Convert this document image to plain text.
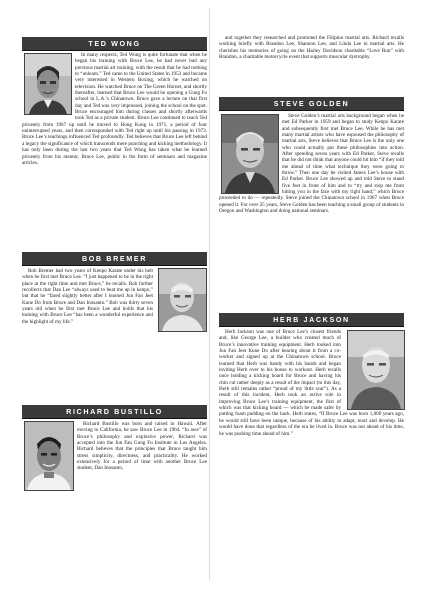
TED WONG

In many respects, Ted Wong is quite fortunate that when he began his training with Bruce Lee, he had never had any previous martial art training, with the result that he had nothing to “unlearn.” Ted came to the United States in 1953 and became very interested in Western Boxing, which he watched on television. He watched Bruce on The Green Hornet, and shortly thereafter, learned that Bruce Lee would be opening a Gung Fu school in L.A.’s Chinatown. Bruce gave a lecture on that first day and Ted was very impressed, joining the school on the spot. Bruce encouraged him during classes and shortly afterwards took Ted as a private student. Bruce Lee continued to teach Ted privately from 1967 up until he moved to Hong Kong in 1971, a period of four uninterrupted years, and then corresponded with Ted right up until his passing in 1973. Bruce Lee’s teachings influenced Ted profoundly. Ted believes that Bruce Lee left behind a legacy the significance of which transcends mere punching and kicking methodology. It has only been during the last two years that Ted Wong has taken what he learned privately from his mentor, Bruce Lee, public in the form of seminars and magazine articles.

BOB BREMER

Bob Bremer had two years of Kenpo Karate under his belt when he first met Bruce Lee. “I just happened to be in the right place at the right time and met Bruce,” he recalls. Bob further recollects that Dan Lee “always used to beat me up in kenpo,” but that he “fared slightly better after I learned Jun Fan Jeet Kune Do from Bruce and Dan Inosanto.” Bob was thirty seven years old when he first met Bruce Lee and holds that his training with Bruce Lee “has been a wonderful experience and the highlight of my life.”

RICHARD BUSTILLO

Richard Bustillo was born and raised in Hawaii. After moving to California, he saw Bruce Lee in 1964. “In awe” of Bruce’s philosophy and explosive power, Richard was accepted into the Jun Fan Gung Fu Institute in Los Angeles. Richard believes that the principles that Bruce taught him stress simplicity, directness, and practicality. He worked extensively for a period of time with another Bruce Lee student, Dan Inosanto,

and together they researched and promoted the Filipino martial arts. Richard recalls working briefly with Brandon Lee, Shannon Lee, and Linda Lee in martial arts. He cherishes his memories of going on the Harley Davidson charitable “Love Run” with Brandon, a charitable motorcycle event that supports muscular dystrophy.

STEVE GOLDEN

Steve Golden’s martial arts background began when he met Ed Parker in 1959 and began to study Kenpo Karate and subsequently first met Bruce Lee. While he has met many martial artists who have espoused the philosophy of martial arts, Steve believes that Bruce Lee is the only one who could actually put these philosophies into action. After spending seven years with Ed Parker, Steve recalls that he did not think that anyone could hit him “if they told me ahead of time what technique they were going to throw.” Then one day he visited James Lee’s house with Ed Parker. Bruce Lee showed up and told Steve to stand five feet in front of him and to “try and stop me from hitting you in the face with my right hand,” which Bruce proceeded to do — repeatedly. Steve joined the Chinatown school in 1967 when Bruce opened it. For over 25 years, Steve Golden has been teaching a small group of students in Oregon and Washington and doing national seminars.

HERB JACKSON

Herb Jackson was one of Bruce Lee’s closest friends and, like George Lee, a builder who created much of Bruce’s innovative training equipment. Herb looked into Jun Fan Jeet Kune Do after hearing about it from a co-worker and signed up at the Chinatown school. Bruce learned that Herb was handy with his hands and began inviting Herb over to his house to workout. Herb recalls once holding a kicking board for Bruce and having his chin cut rather deeply as a result of the impact (to this day, Herb still remains rather “proud of my little scar”). As a result of this incident, Herb took an active role in improving Bruce Lee’s training equipment, the first of which was that kicking board — which he made safer by putting foam padding on the back. Herb states, “If Bruce Lee was born 1,000 years ago, he would still have been unique, because of his ability to adapt, react and develop. He would have done that regardless of the era he lived in. Bruce was not ahead of his time, he was pushing time ahead of him.”
